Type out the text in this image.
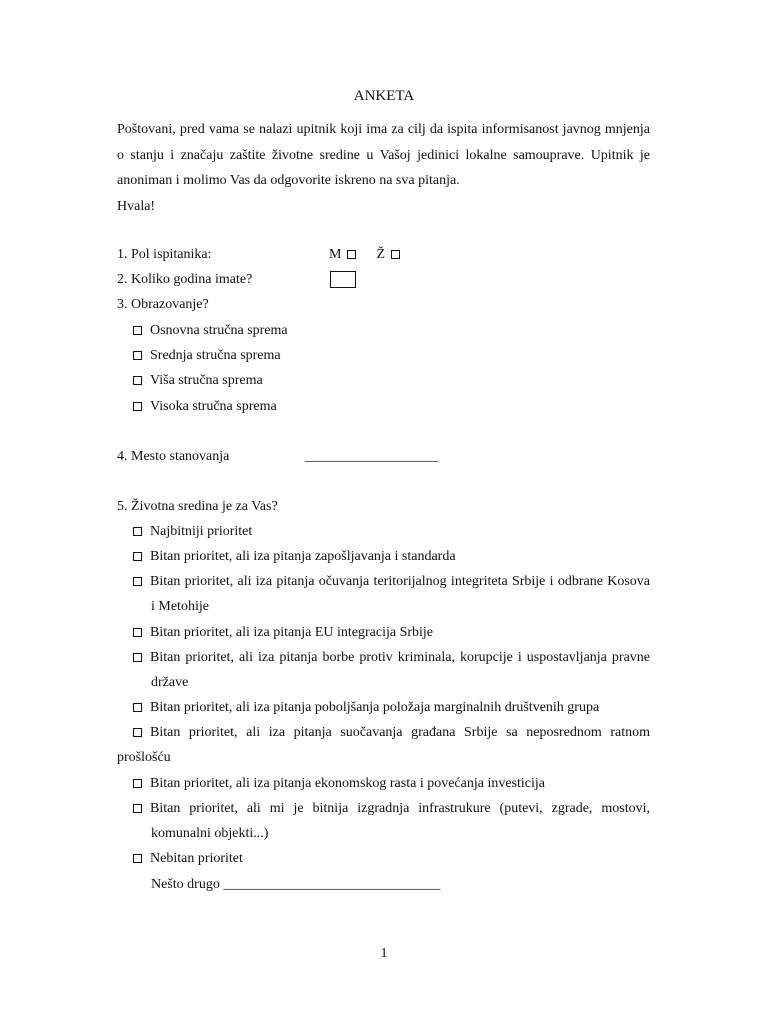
ANKETA

Poštovani, pred vama se nalazi upitnik koji ima za cilj da ispita informisanost javnog mnjenja o stanju i značaju zaštite životne sredine u Vašoj jedinici lokalne samouprave. Upitnik je anoniman i molimo Vas da odgovorite iskreno na sva pitanja.

Hvala!

1. Pol ispitanika:	M	Ž
2. Koliko godina imate?
3. Obrazovanje?
Osnovna stručna sprema
Srednja stručna sprema
Viša stručna sprema
Visoka stručna sprema
4. Mesto stanovanja	___________________
5. Životna sredina je za Vas?
Najbitniji prioritet
Bitan prioritet, ali iza pitanja zapošljavanja i standarda
Bitan prioritet, ali iza pitanja očuvanja teritorijalnog integriteta Srbije i odbrane Kosova
i Metohije
Bitan prioritet, ali iza pitanja EU integracija Srbije
Bitan prioritet, ali iza pitanja borbe protiv kriminala, korupcije i uspostavljanja pravne
države
Bitan prioritet, ali iza pitanja poboljšanja položaja marginalnih društvenih grupa
Bitan prioritet, ali iza pitanja suočavanja građana Srbije sa neposrednom ratnom
prošlošću
Bitan prioritet, ali iza pitanja ekonomskog rasta i povećanja investicija
Bitan prioritet, ali mi je bitnija izgradnja infrastrukure (putevi, zgrade, mostovi,
komunalni objekti...)
Nebitan prioritet
Nešto drugo _______________________________
1
